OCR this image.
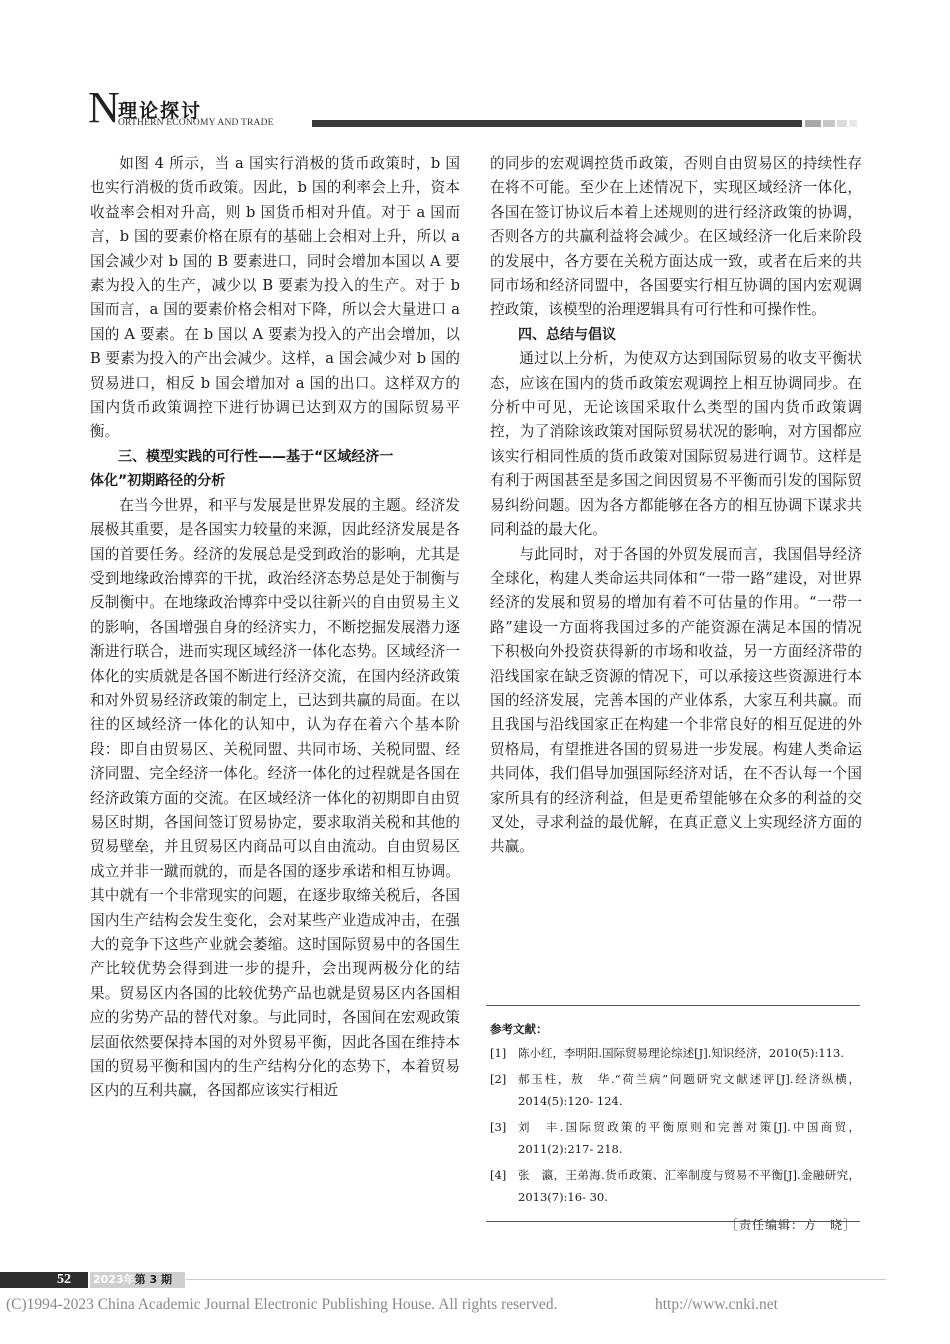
N
理论探讨
ORTHERN ECONOMY AND TRADE

如图 4 所示，当 a 国实行消极的货币政策时，b 国也实行消极的货币政策。因此，b 国的利率会上升，资本收益率会相对升高，则 b 国货币相对升值。对于 a 国而言，b 国的要素价格在原有的基础上会相对上升，所以 a 国会减少对 b 国的 B 要素进口，同时会增加本国以 A 要素为投入的生产，减少以 B 要素为投入的生产。对于 b 国而言，a 国的要素价格会相对下降，所以会大量进口 a 国的 A 要素。在 b 国以 A 要素为投入的产出会增加，以 B 要素为投入的产出会减少。这样，a 国会减少对 b 国的贸易进口，相反 b 国会增加对 a 国的出口。这样双方的国内货币政策调控下进行协调已达到双方的国际贸易平衡。

三、模型实践的可行性——基于“区域经济一
体化”初期路径的分析

在当今世界，和平与发展是世界发展的主题。经济发展极其重要，是各国实力较量的来源，因此经济发展是各国的首要任务。经济的发展总是受到政治的影响，尤其是受到地缘政治博弈的干扰，政治经济态势总是处于制衡与反制衡中。在地缘政治博弈中受以往新兴的自由贸易主义的影响，各国增强自身的经济实力，不断挖掘发展潜力逐渐进行联合，进而实现区域经济一体化态势。区域经济一体化的实质就是各国不断进行经济交流，在国内经济政策和对外贸易经济政策的制定上，已达到共赢的局面。在以往的区域经济一体化的认知中，认为存在着六个基本阶段：即自由贸易区、关税同盟、共同市场、关税同盟、经济同盟、完全经济一体化。经济一体化的过程就是各国在经济政策方面的交流。在区域经济一体化的初期即自由贸易区时期，各国间签订贸易协定，要求取消关税和其他的贸易壁垒，并且贸易区内商品可以自由流动。自由贸易区成立并非一蹴而就的，而是各国的逐步承诺和相互协调。其中就有一个非常现实的问题，在逐步取缔关税后，各国国内生产结构会发生变化，会对某些产业造成冲击，在强大的竞争下这些产业就会萎缩。这时国际贸易中的各国生产比较优势会得到进一步的提升，会出现两极分化的结果。贸易区内各国的比较优势产品也就是贸易区内各国相应的劣势产品的替代对象。与此同时，各国间在宏观政策层面依然要保持本国的对外贸易平衡，因此各国在维持本国的贸易平衡和国内的生产结构分化的态势下，本着贸易区内的互利共赢，各国都应该实行相近

的同步的宏观调控货币政策，否则自由贸易区的持续性存在将不可能。至少在上述情况下，实现区域经济一体化，各国在签订协议后本着上述规则的进行经济政策的协调，否则各方的共赢利益将会减少。在区域经济一化后来阶段的发展中，各方要在关税方面达成一致，或者在后来的共同市场和经济同盟中，各国要实行相互协调的国内宏观调控政策，该模型的治理逻辑具有可行性和可操作性。

四、总结与倡议

通过以上分析，为使双方达到国际贸易的收支平衡状态，应该在国内的货币政策宏观调控上相互协调同步。在分析中可见，无论该国采取什么类型的国内货币政策调控，为了消除该政策对国际贸易状况的影响，对方国都应该实行相同性质的货币政策对国际贸易进行调节。这样是有利于两国甚至是多国之间因贸易不平衡而引发的国际贸易纠纷问题。因为各方都能够在各方的相互协调下谋求共同利益的最大化。

与此同时，对于各国的外贸发展而言，我国倡导经济全球化，构建人类命运共同体和“一带一路”建设，对世界经济的发展和贸易的增加有着不可估量的作用。“一带一路”建设一方面将我国过多的产能资源在满足本国的情况下积极向外投资获得新的市场和收益，另一方面经济带的沿线国家在缺乏资源的情况下，可以承接这些资源进行本国的经济发展，完善本国的产业体系，大家互利共赢。而且我国与沿线国家正在构建一个非常良好的相互促进的外贸格局，有望推进各国的贸易进一步发展。构建人类命运共同体，我们倡导加强国际经济对话，在不否认每一个国家所具有的经济利益，但是更希望能够在众多的利益的交叉处，寻求利益的最优解，在真正意义上实现经济方面的共赢。

参考文献：
[1]	陈小红，李明阳.国际贸易理论综述[J].知识经济，2010(5):113.
[2]	郝玉柱，敖　华.“荷兰病”问题研究文献述评[J].经济纵横，2014(5):120- 124.
[3]	刘　丰.国际贸政策的平衡原则和完善对策[J].中国商贸，2011(2):217- 218.
[4]	张　瀛，王弟海.货币政策、汇率制度与贸易不平衡[J].金融研究，2013(7):16- 30.
［责任编辑：方　晓］
52	2023年第 3 期
(C)1994-2023 China Academic Journal Electronic Publishing House. All rights reserved.	http://www.cnki.net
